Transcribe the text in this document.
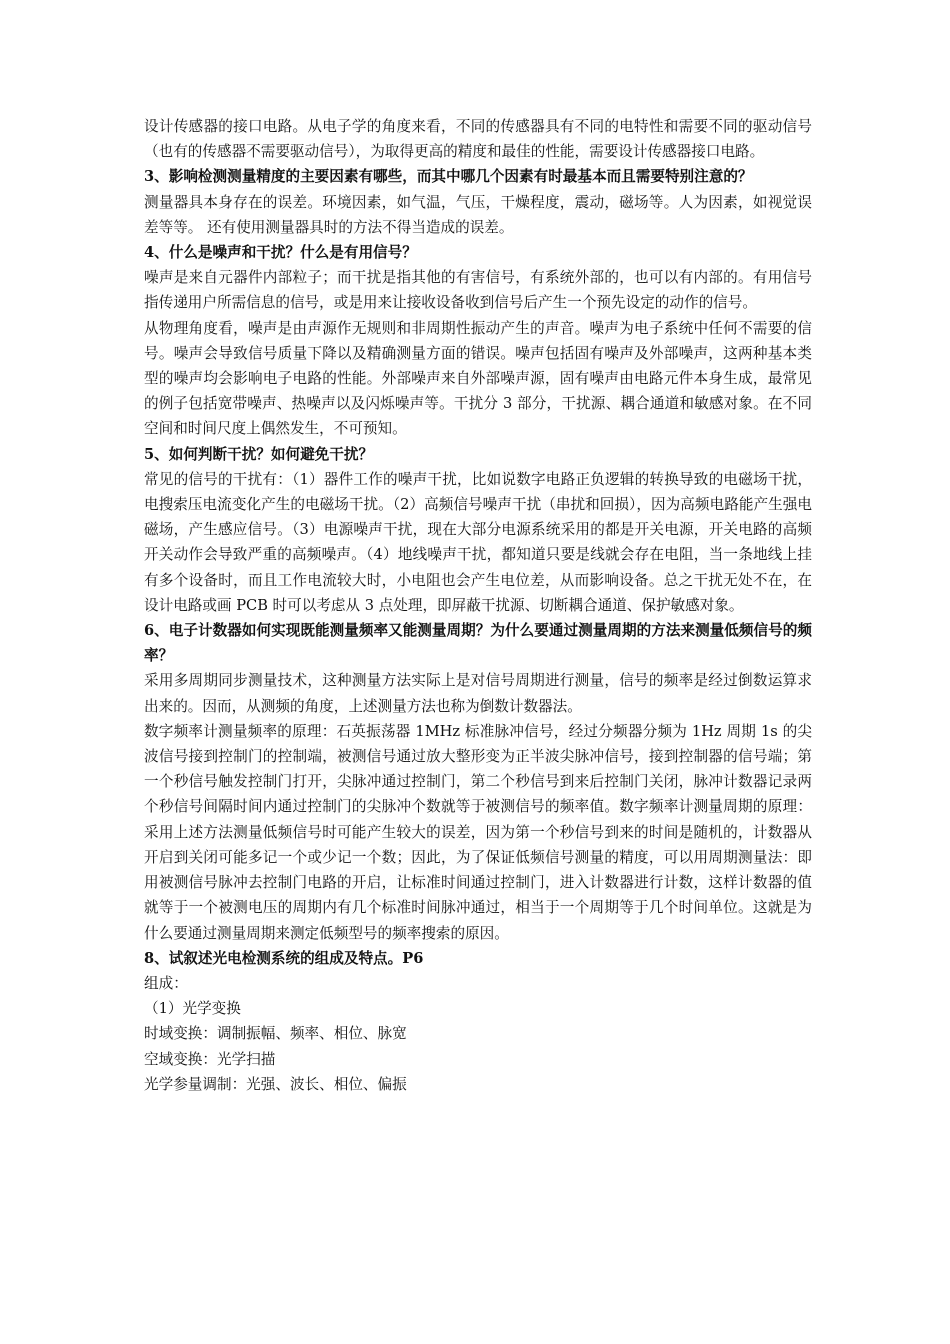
设计传感器的接口电路。从电子学的角度来看，不同的传感器具有不同的电特性和需要不同的驱动信号（也有的传感器不需要驱动信号），为取得更高的精度和最佳的性能，需要设计传感器接口电路。

3、影响检测测量精度的主要因素有哪些，而其中哪几个因素有时最基本而且需要特别注意的？

测量器具本身存在的误差。环境因素，如气温，气压，干燥程度，震动，磁场等。人为因素，如视觉误差等等。 还有使用测量器具时的方法不得当造成的误差。

4、什么是噪声和干扰？什么是有用信号？

噪声是来自元器件内部粒子；而干扰是指其他的有害信号，有系统外部的，也可以有内部的。有用信号指传递用户所需信息的信号，或是用来让接收设备收到信号后产生一个预先设定的动作的信号。

从物理角度看，噪声是由声源作无规则和非周期性振动产生的声音。噪声为电子系统中任何不需要的信号。噪声会导致信号质量下降以及精确测量方面的错误。噪声包括固有噪声及外部噪声，这两种基本类型的噪声均会影响电子电路的性能。外部噪声来自外部噪声源，固有噪声由电路元件本身生成，最常见的例子包括宽带噪声、热噪声以及闪烁噪声等。干扰分 3 部分，干扰源、耦合通道和敏感对象。在不同空间和时间尺度上偶然发生，不可预知。

5、如何判断干扰？如何避免干扰？

常见的信号的干扰有：（1）器件工作的噪声干扰，比如说数字电路正负逻辑的转换导致的电磁场干扰，电搜索压电流变化产生的电磁场干扰。（2）高频信号噪声干扰（串扰和回损），因为高频电路能产生强电磁场，产生感应信号。（3）电源噪声干扰，现在大部分电源系统采用的都是开关电源，开关电路的高频开关动作会导致严重的高频噪声。（4）地线噪声干扰，都知道只要是线就会存在电阻，当一条地线上挂有多个设备时，而且工作电流较大时，小电阻也会产生电位差，从而影响设备。总之干扰无处不在，在设计电路或画 PCB 时可以考虑从 3 点处理，即屏蔽干扰源、切断耦合通道、保护敏感对象。

6、电子计数器如何实现既能测量频率又能测量周期？为什么要通过测量周期的方法来测量低频信号的频率？

采用多周期同步测量技术，这种测量方法实际上是对信号周期进行测量，信号的频率是经过倒数运算求出来的。因而，从测频的角度，上述测量方法也称为倒数计数器法。

数字频率计测量频率的原理：石英振荡器 1MHz 标准脉冲信号，经过分频器分频为 1Hz 周期 1s 的尖波信号接到控制门的控制端，被测信号通过放大整形变为正半波尖脉冲信号，接到控制器的信号端；第一个秒信号触发控制门打开，尖脉冲通过控制门，第二个秒信号到来后控制门关闭，脉冲计数器记录两个秒信号间隔时间内通过控制门的尖脉冲个数就等于被测信号的频率值。数字频率计测量周期的原理：采用上述方法测量低频信号时可能产生较大的误差，因为第一个秒信号到来的时间是随机的，计数器从开启到关闭可能多记一个或少记一个数；因此，为了保证低频信号测量的精度，可以用周期测量法：即用被测信号脉冲去控制门电路的开启，让标准时间通过控制门，进入计数器进行计数，这样计数器的值就等于一个被测电压的周期内有几个标准时间脉冲通过，相当于一个周期等于几个时间单位。这就是为什么要通过测量周期来测定低频型号的频率搜索的原因。

8、试叙述光电检测系统的组成及特点。P6

组成：

（1）光学变换

时域变换：调制振幅、频率、相位、脉宽

空域变换：光学扫描

光学参量调制：光强、波长、相位、偏振
